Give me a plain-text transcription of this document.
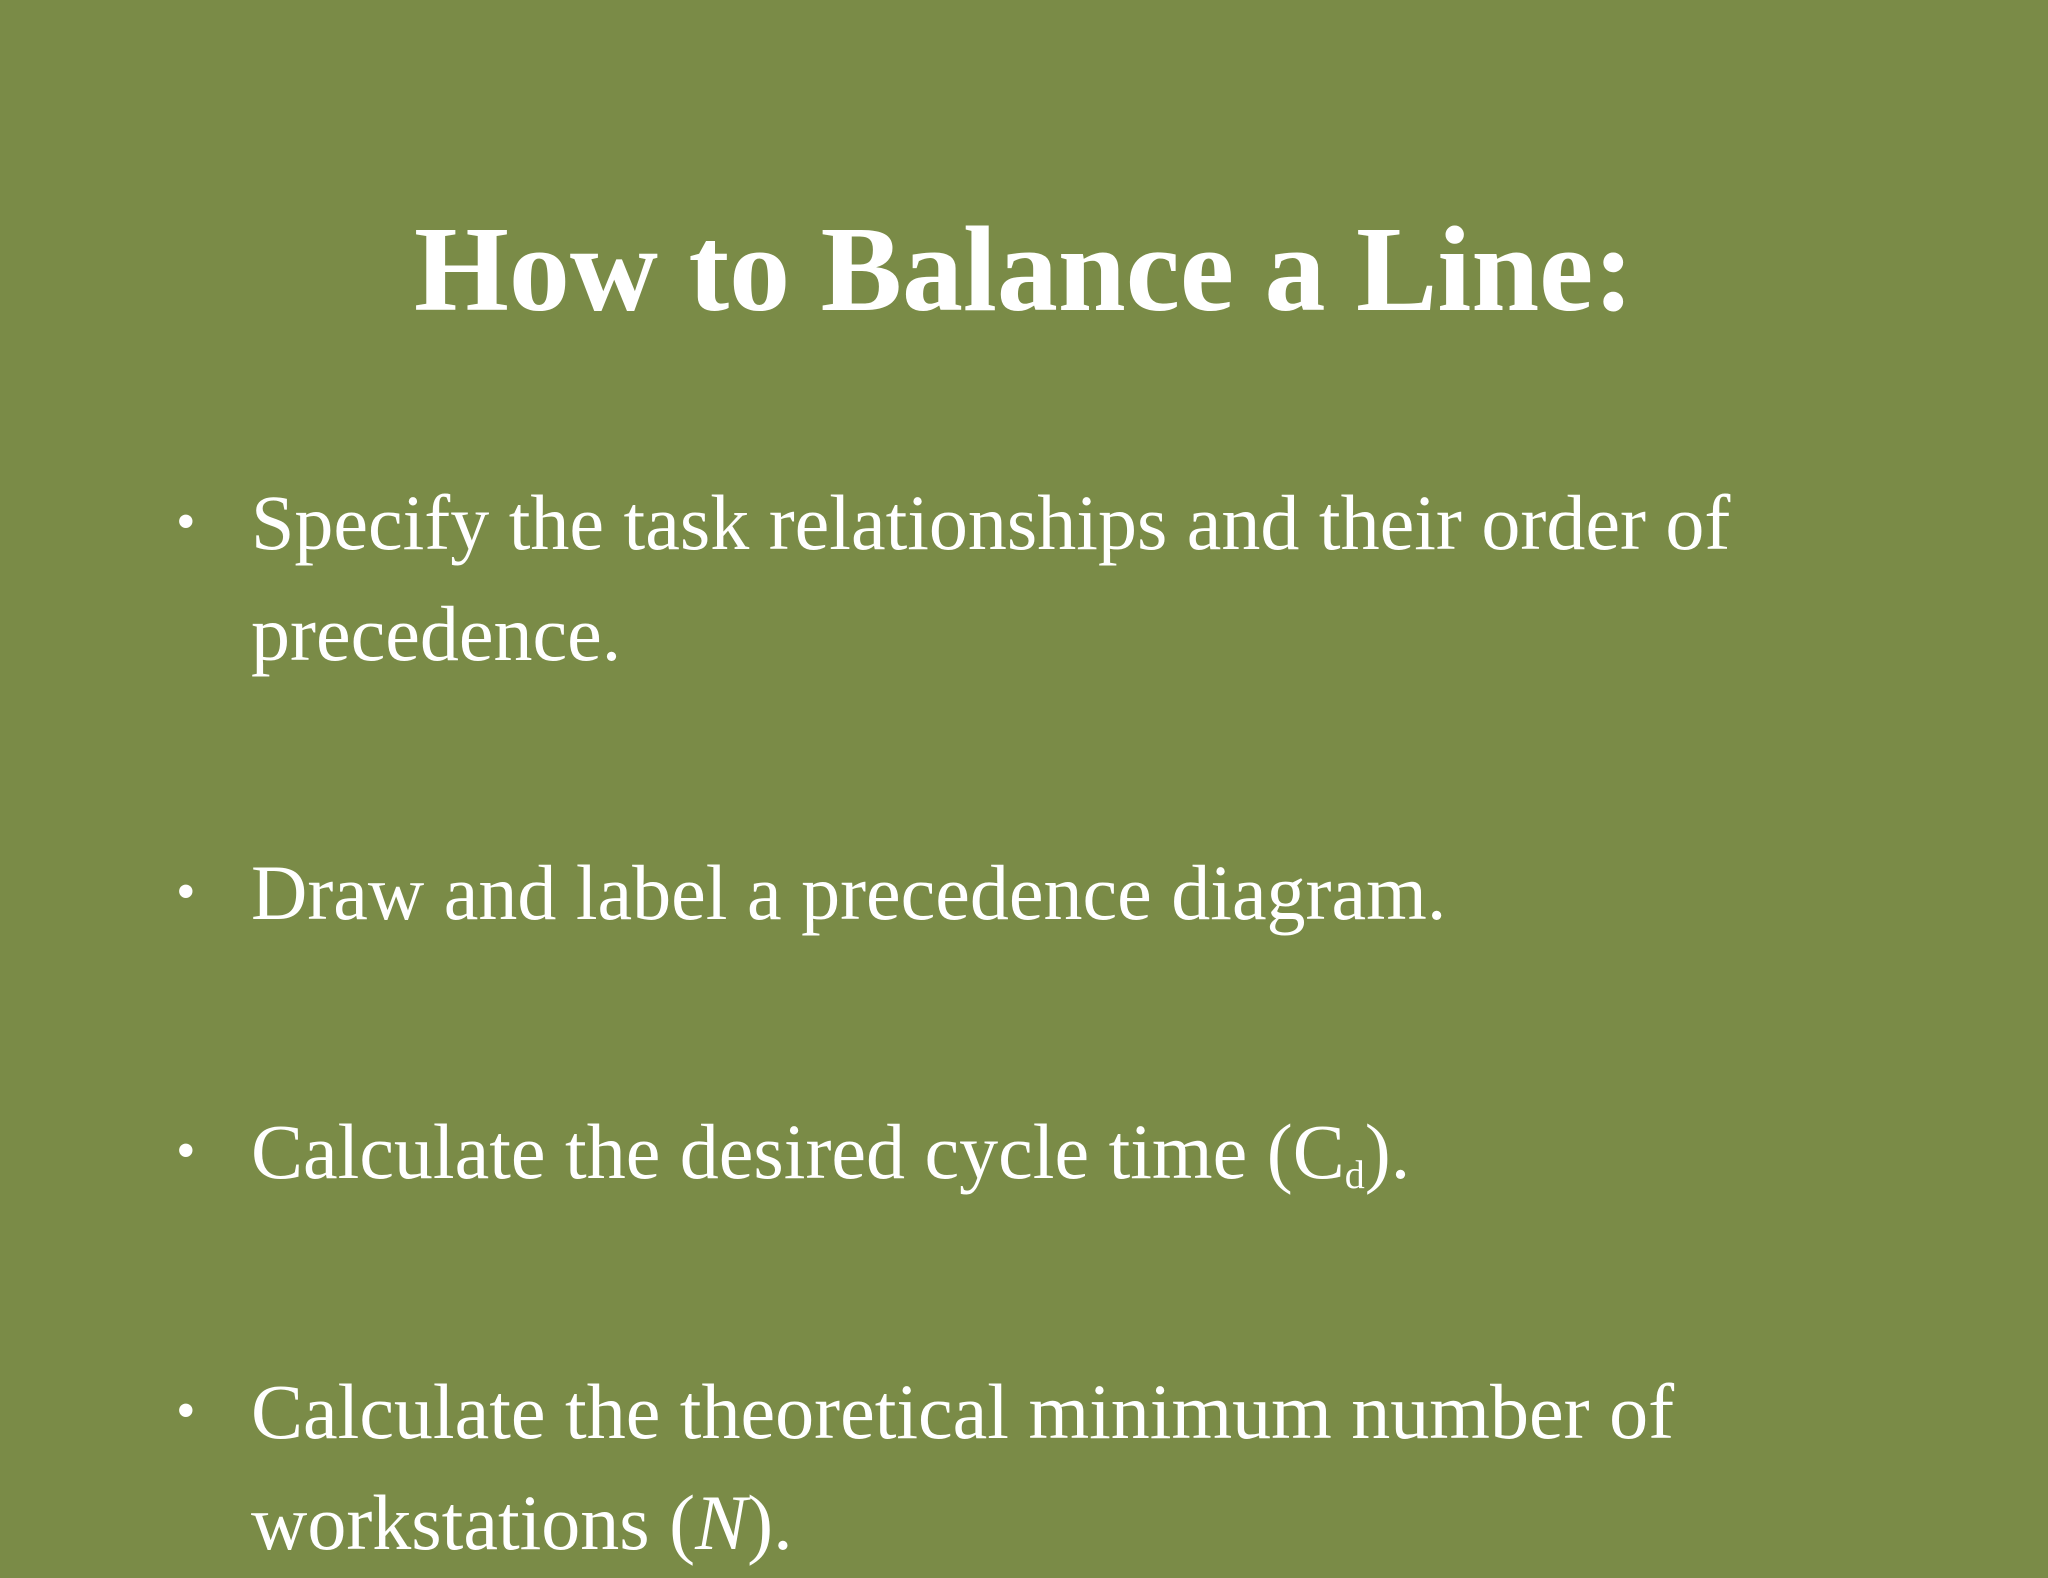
How to Balance a Line:
• Specify the task relationships and their order of precedence.
• Draw and label a precedence diagram.
• Calculate the desired cycle time $(C_d)$.
• Calculate the theoretical minimum number of workstations (N).
